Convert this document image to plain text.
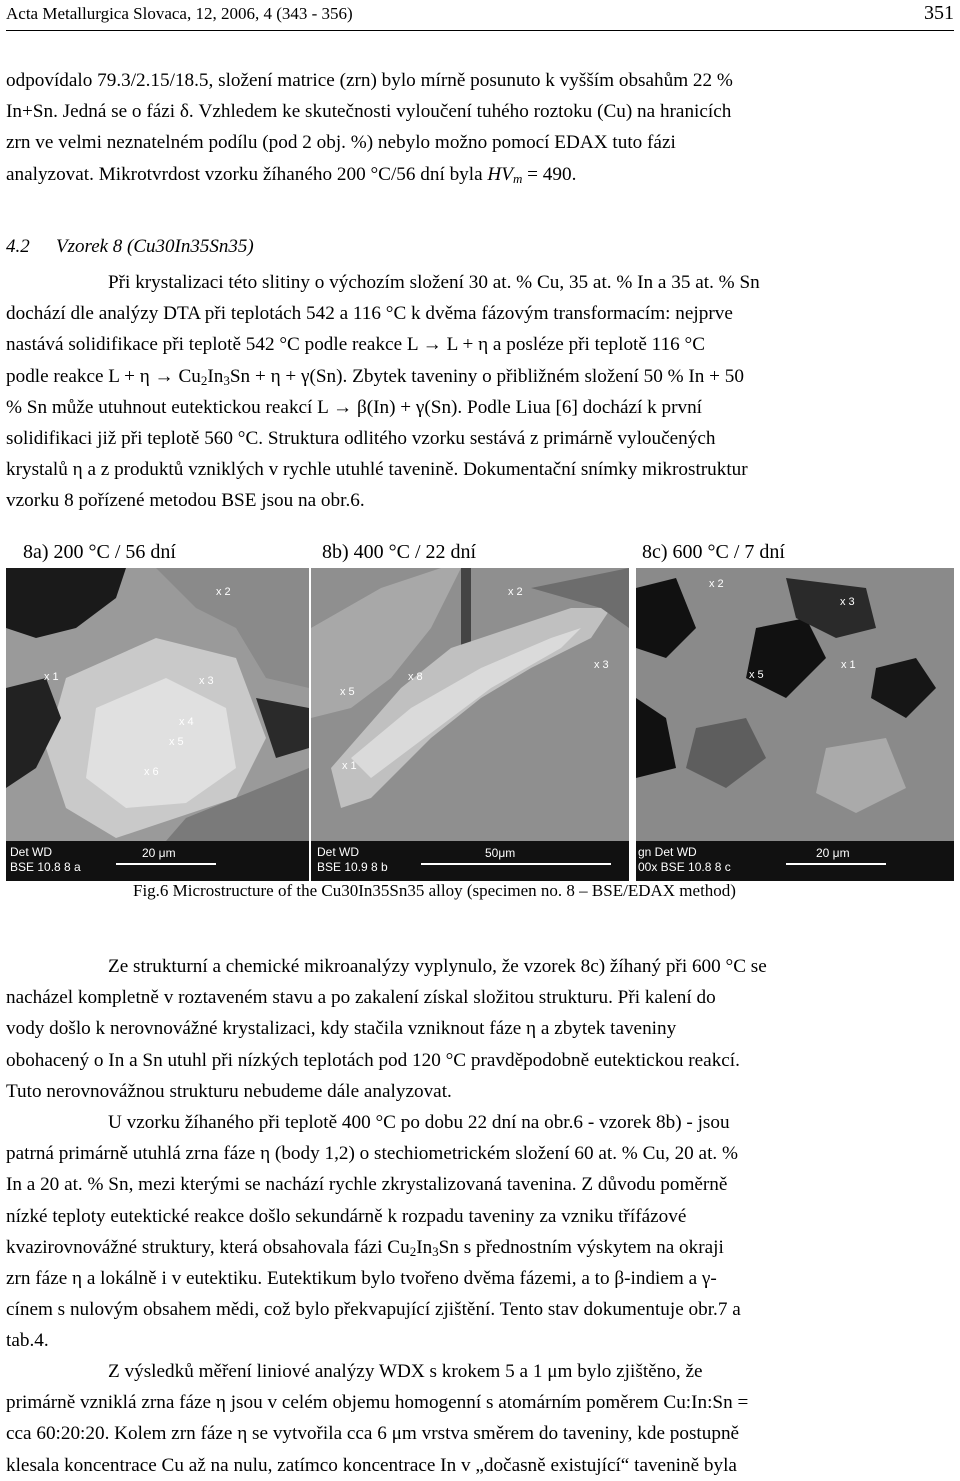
Acta Metallurgica Slovaca, 12, 2006, 4 (343 - 356)	351

odpovídalo 79.3/2.15/18.5, složení matrice (zrn) bylo mírně posunuto k vyšším obsahům 22 %
In+Sn. Jedná se o fázi δ. Vzhledem ke skutečnosti vyloučení tuhého roztoku (Cu) na hranicích
zrn ve velmi neznatelném podílu (pod 2 obj. %) nebylo možno pomocí EDAX tuto fázi
analyzovat. Mikrotvrdost vzorku žíhaného 200 °C/56 dní byla $HV_m = 490$.

4.2 Vzorek 8 (Cu30In35Sn35)

Při krystalizaci této slitiny o výchozím složení 30 at. % Cu, 35 at. % In a 35 at. % Sn
dochází dle analýzy DTA při teplotách 542 a 116 °C k dvěma fázovým transformacím: nejprve
nastává solidifikace při teplotě 542 °C podle reakce L → L + η a posléze při teplotě 116 °C
podle reakce $L + \eta \to Cu_2In_3Sn + \eta + \gamma(Sn)$. Zbytek taveniny o přibližném složení 50 % In + 50
% Sn může utuhnout eutektickou reakcí L → β(In) + γ(Sn). Podle Liua [6] dochází k první
solidifikaci již při teplotě 560 °C. Struktura odlitého vzorku sestává z primárně vyloučených
krystalů η a z produktů vzniklých v rychle utuhlé tavenině. Dokumentační snímky mikrostruktur
vzorku 8 pořízené metodou BSE jsou na obr.6.

8a) 200 °C / 56 dní	8b) 400 °C / 22 dní	8c) 600 °C / 7 dní
x 2
x 1	x 3
x 4
x 5
x 6
Det WD
BSE 10.8 8 a
20 μm
x 2
x 8
x 3
x 5
x 1
Det WD
BSE 10.9 8 b
50μm
x 2
x 3
x 1
x 5
gn Det WD
00x BSE 10.8 8 c
20 μm
Fig.6 Microstructure of the Cu30In35Sn35 alloy (specimen no. 8 – BSE/EDAX method)

Ze strukturní a chemické mikroanalýzy vyplynulo, že vzorek 8c) žíhaný při 600 °C se
nacházel kompletně v roztaveném stavu a po zakalení získal složitou strukturu. Při kalení do
vody došlo k nerovnovážné krystalizaci, kdy stačila vzniknout fáze η a zbytek taveniny
obohacený o In a Sn utuhl při nízkých teplotách pod 120 °C pravděpodobně eutektickou reakcí.
Tuto nerovnovážnou strukturu nebudeme dále analyzovat.

U vzorku žíhaného při teplotě 400 °C po dobu 22 dní na obr.6 - vzorek 8b) - jsou
patrná primárně utuhlá zrna fáze η (body 1,2) o stechiometrickém složení 60 at. % Cu, 20 at. %
In a 20 at. % Sn, mezi kterými se nachází rychle zkrystalizovaná tavenina. Z důvodu poměrně
nízké teploty eutektické reakce došlo sekundárně k rozpadu taveniny za vzniku třífázové
kvazirovnovážné struktury, která obsahovala fázi $Cu_2In_3Sn$ s přednostním výskytem na okraji
zrn fáze η a lokálně i v eutektiku. Eutektikum bylo tvořeno dvěma fázemi, a to β-indiem a γ-
cínem s nulovým obsahem mědi, což bylo překvapující zjištění. Tento stav dokumentuje obr.7 a
tab.4.

Z výsledků měření liniové analýzy WDX s krokem 5 a 1 μm bylo zjištěno, že
primárně vzniklá zrna fáze η jsou v celém objemu homogenní s atomárním poměrem Cu:In:Sn =
cca 60:20:20. Kolem zrn fáze η se vytvořila cca 6 μm vrstva směrem do taveniny, kde postupně
klesala koncentrace Cu až na nulu, zatímco koncentrace In v „dočasně existující“ tavenině byla
